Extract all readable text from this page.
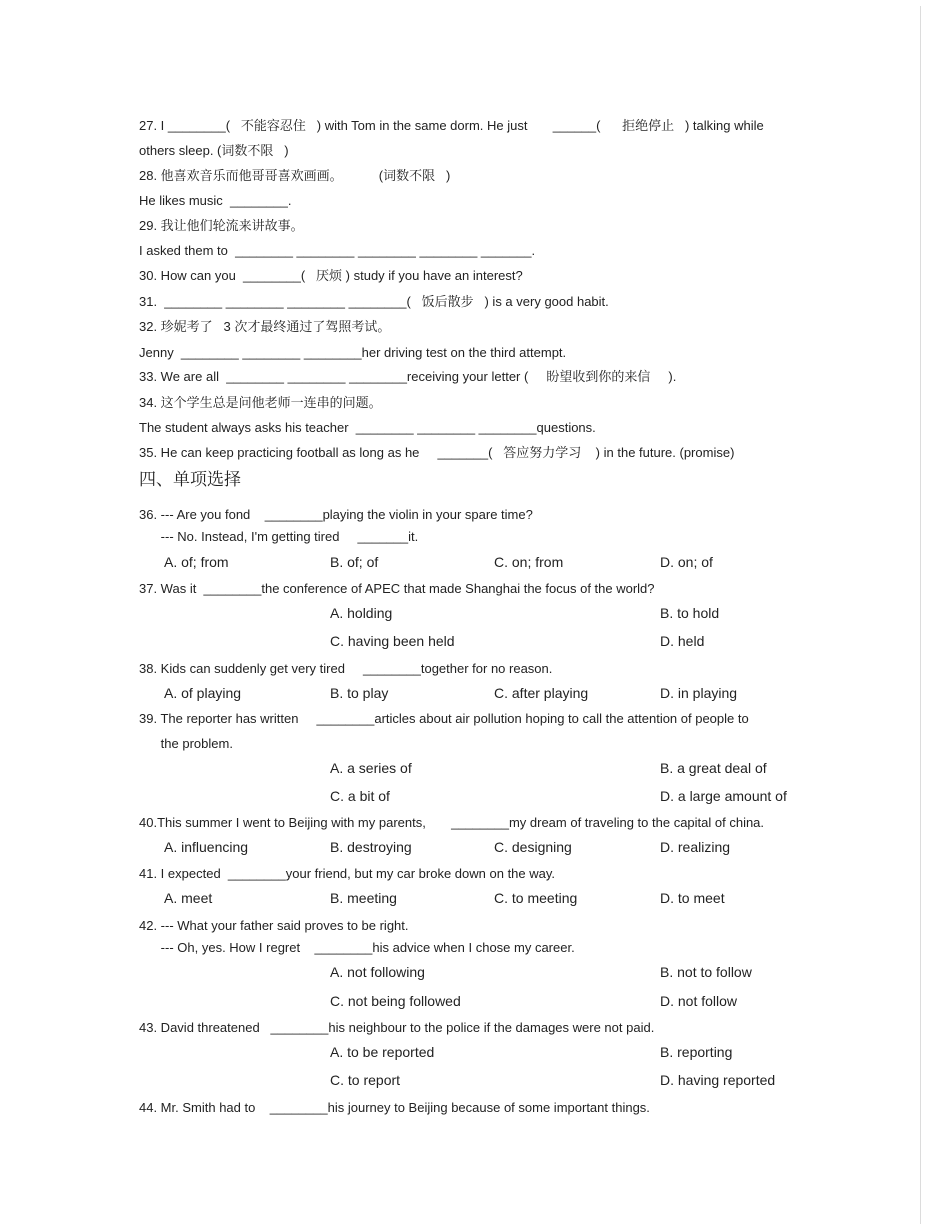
27. I ________(   不能容忍住   ) with Tom in the same dorm. He just       ______(      拒绝停止   ) talking while
others sleep. (词数不限   )
28. 他喜欢音乐而他哥哥喜欢画画。          (词数不限   )
He likes music  ________.
29. 我让他们轮流来讲故事。
I asked them to  ________ ________ ________ ________ _______.
30. How can you  ________(   厌烦 ) study if you have an interest?
31.  ________ ________ ________ ________(   饭后散步   ) is a very good habit.
32. 珍妮考了   3 次才最终通过了驾照考试。
Jenny  ________ ________ ________her driving test on the third attempt.
33. We are all  ________ ________ ________receiving your letter (     盼望收到你的来信     ).
34. 这个学生总是问他老师一连串的问题。
The student always asks his teacher  ________ ________ ________questions.
35. He can keep practicing football as long as he     _______(   答应努力学习    ) in the future. (promise)
四、单项选择
36. --- Are you fond    ________playing the violin in your spare time?
--- No. Instead, I'm getting tired     _______it.
A. of; from	B. of; of	C. on; from	D. on; of
37. Was it  ________the conference of APEC that made Shanghai the focus of the world?
A. holding	B. to hold
C. having been held	D. held
38. Kids can suddenly get very tired     ________together for no reason.
A. of playing	B. to play	C. after playing	D. in playing
39. The reporter has written     ________articles about air pollution hoping to call the attention of people to
the problem.
A. a series of	B. a great deal of
C. a bit of	D. a large amount of
40.This summer I went to Beijing with my parents,       ________my dream of traveling to the capital of china.
A. influencing	B. destroying	C. designing	D. realizing
41. I expected  ________your friend, but my car broke down on the way.
A. meet	B. meeting	C. to meeting	D. to meet
42. --- What your father said proves to be right.
--- Oh, yes. How I regret    ________his advice when I chose my career.
A. not following	B. not to follow
C. not being followed	D. not follow
43. David threatened   ________his neighbour to the police if the damages were not paid.
A. to be reported	B. reporting
C. to report	D. having reported
44. Mr. Smith had to    ________his journey to Beijing because of some important things.
